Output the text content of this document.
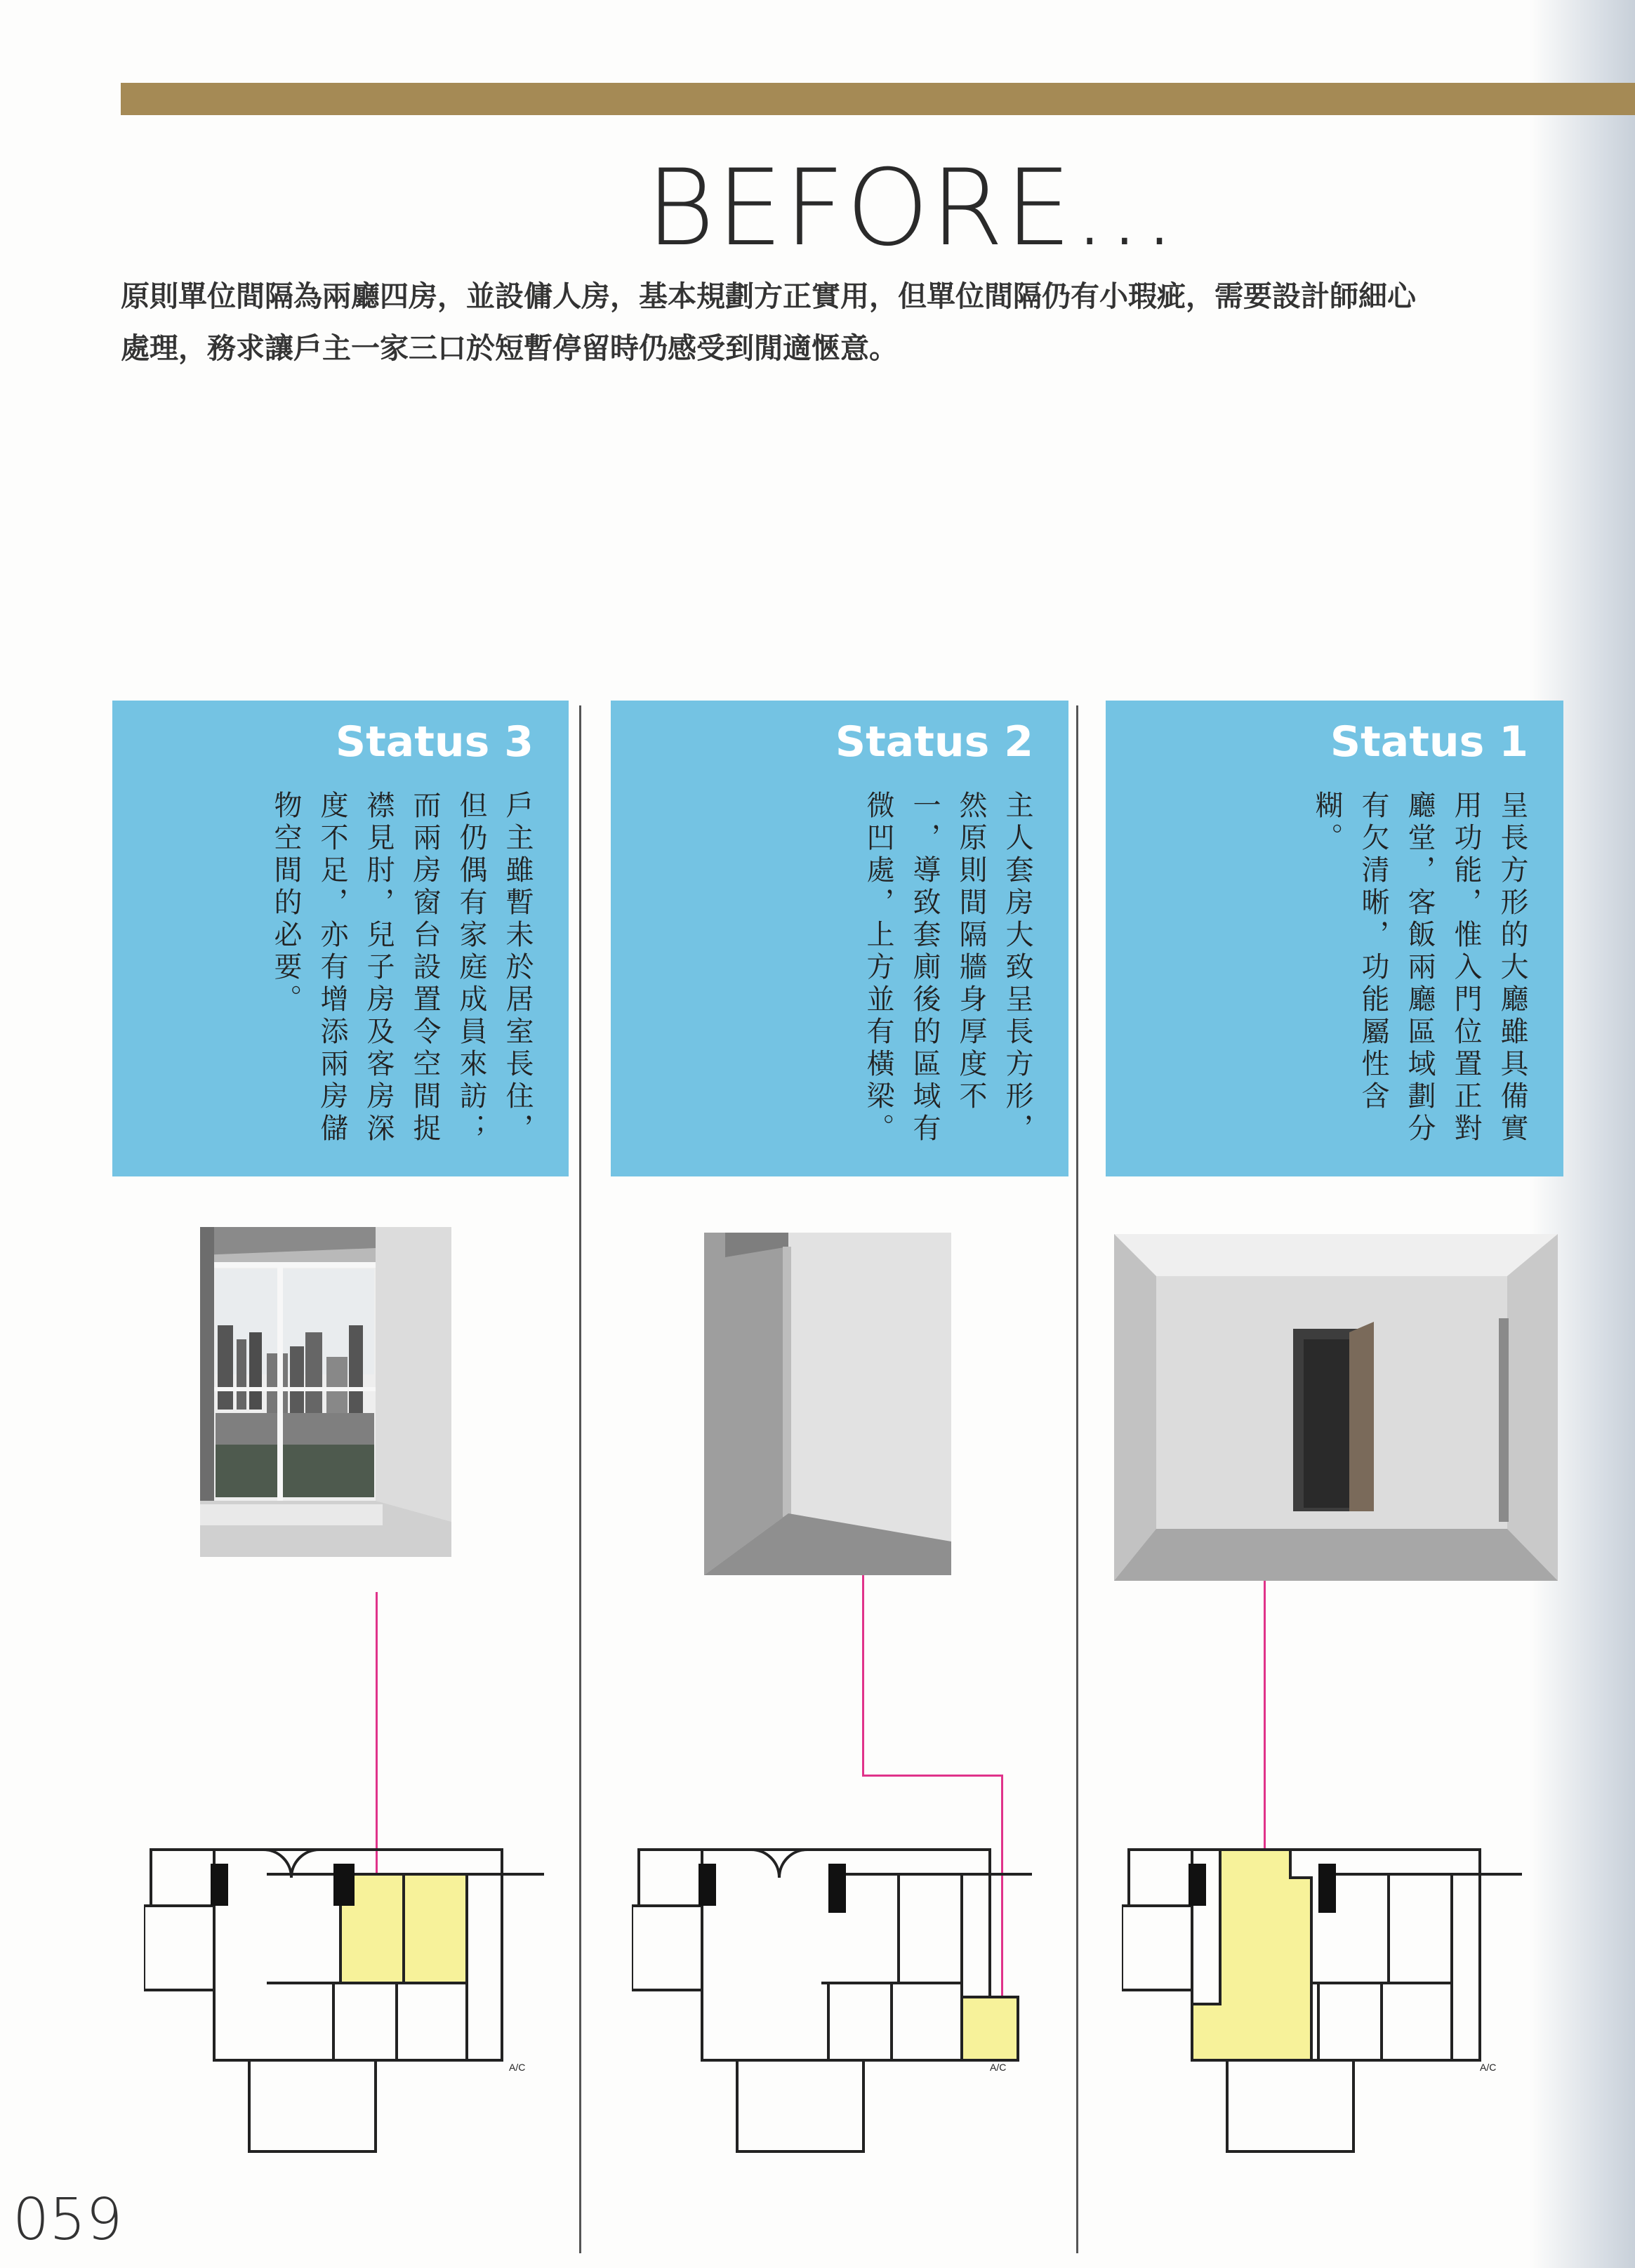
BEFORE...

原則單位間隔為兩廳四房，並設傭人房，基本規劃方正實用，但單位間隔仍有小瑕疵，需要設計師細心

處理，務求讓戶主一家三口於短暫停留時仍感受到閒適愜意。

Status 3
戶主雖暫未於居室長住，但仍偶有家庭成員來訪；而兩房窗台設置令空間捉襟見肘，兒子房及客房深度不足，亦有增添兩房儲物空間的必要。
Status 2
主人套房大致呈長方形，然原則間隔牆身厚度不一，導致套廁後的區域有微凹處，上方並有橫梁。
Status 1
呈長方形的大廳雖具備實用功能，惟入門位置正對廳堂，客飯兩廳區域劃分有欠清晰，功能屬性含糊。
A/C	A/C	A/C
059
